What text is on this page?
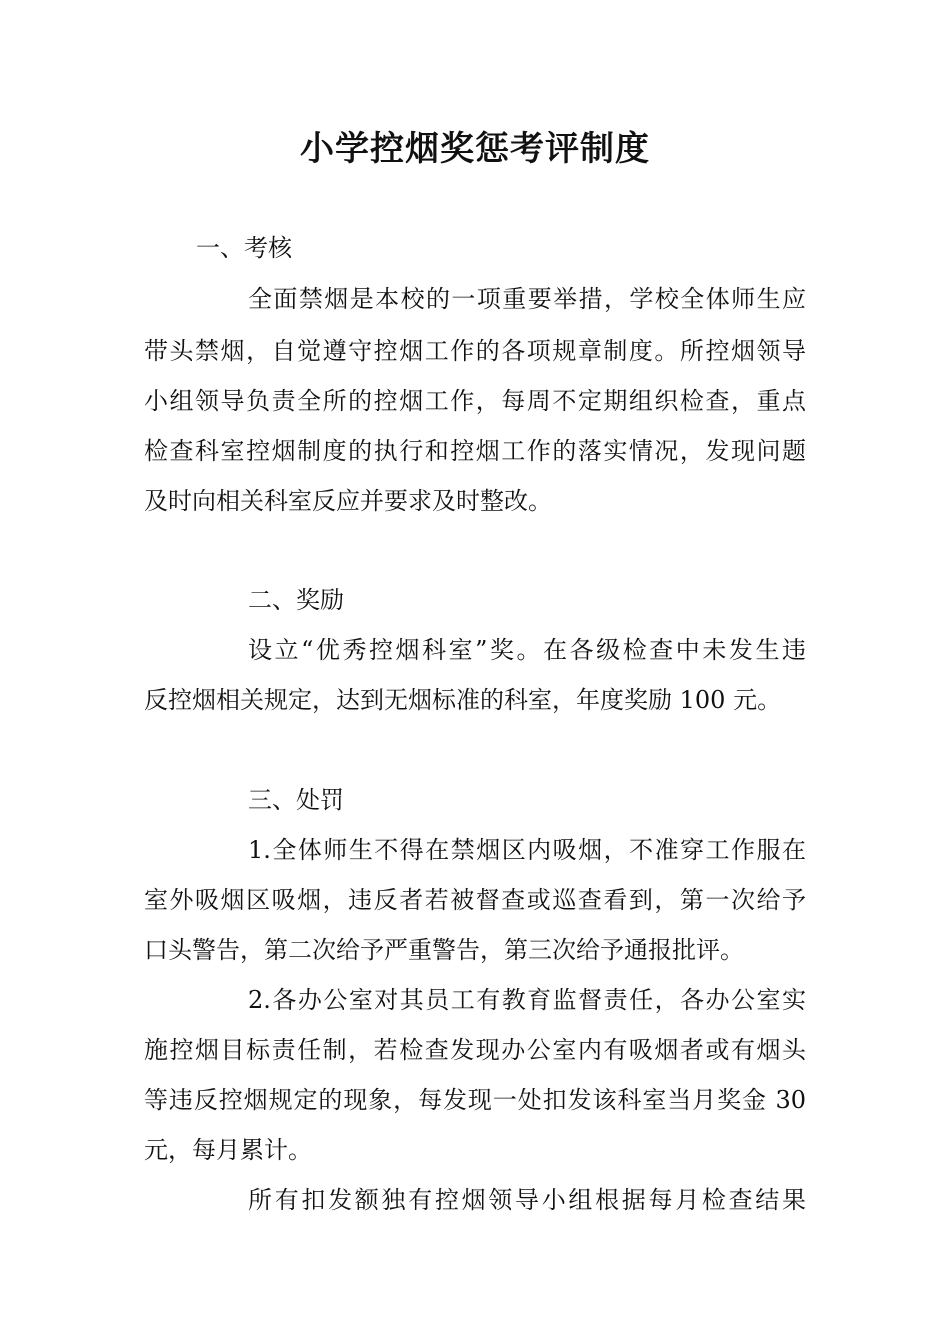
小学控烟奖惩考评制度
一、考核
全面禁烟是本校的一项重要举措，学校全体师生应
带头禁烟，自觉遵守控烟工作的各项规章制度。所控烟领导
小组领导负责全所的控烟工作，每周不定期组织检查，重点
检查科室控烟制度的执行和控烟工作的落实情况，发现问题
及时向相关科室反应并要求及时整改。
二、奖励
设立“优秀控烟科室”奖。在各级检查中未发生违
反控烟相关规定，达到无烟标准的科室，年度奖励 100 元。
三、处罚
1.全体师生不得在禁烟区内吸烟，不准穿工作服在
室外吸烟区吸烟，违反者若被督查或巡查看到，第一次给予
口头警告，第二次给予严重警告，第三次给予通报批评。
2.各办公室对其员工有教育监督责任，各办公室实
施控烟目标责任制，若检查发现办公室内有吸烟者或有烟头
等违反控烟规定的现象，每发现一处扣发该科室当月奖金 30
元，每月累计。
所有扣发额独有控烟领导小组根据每月检查结果
